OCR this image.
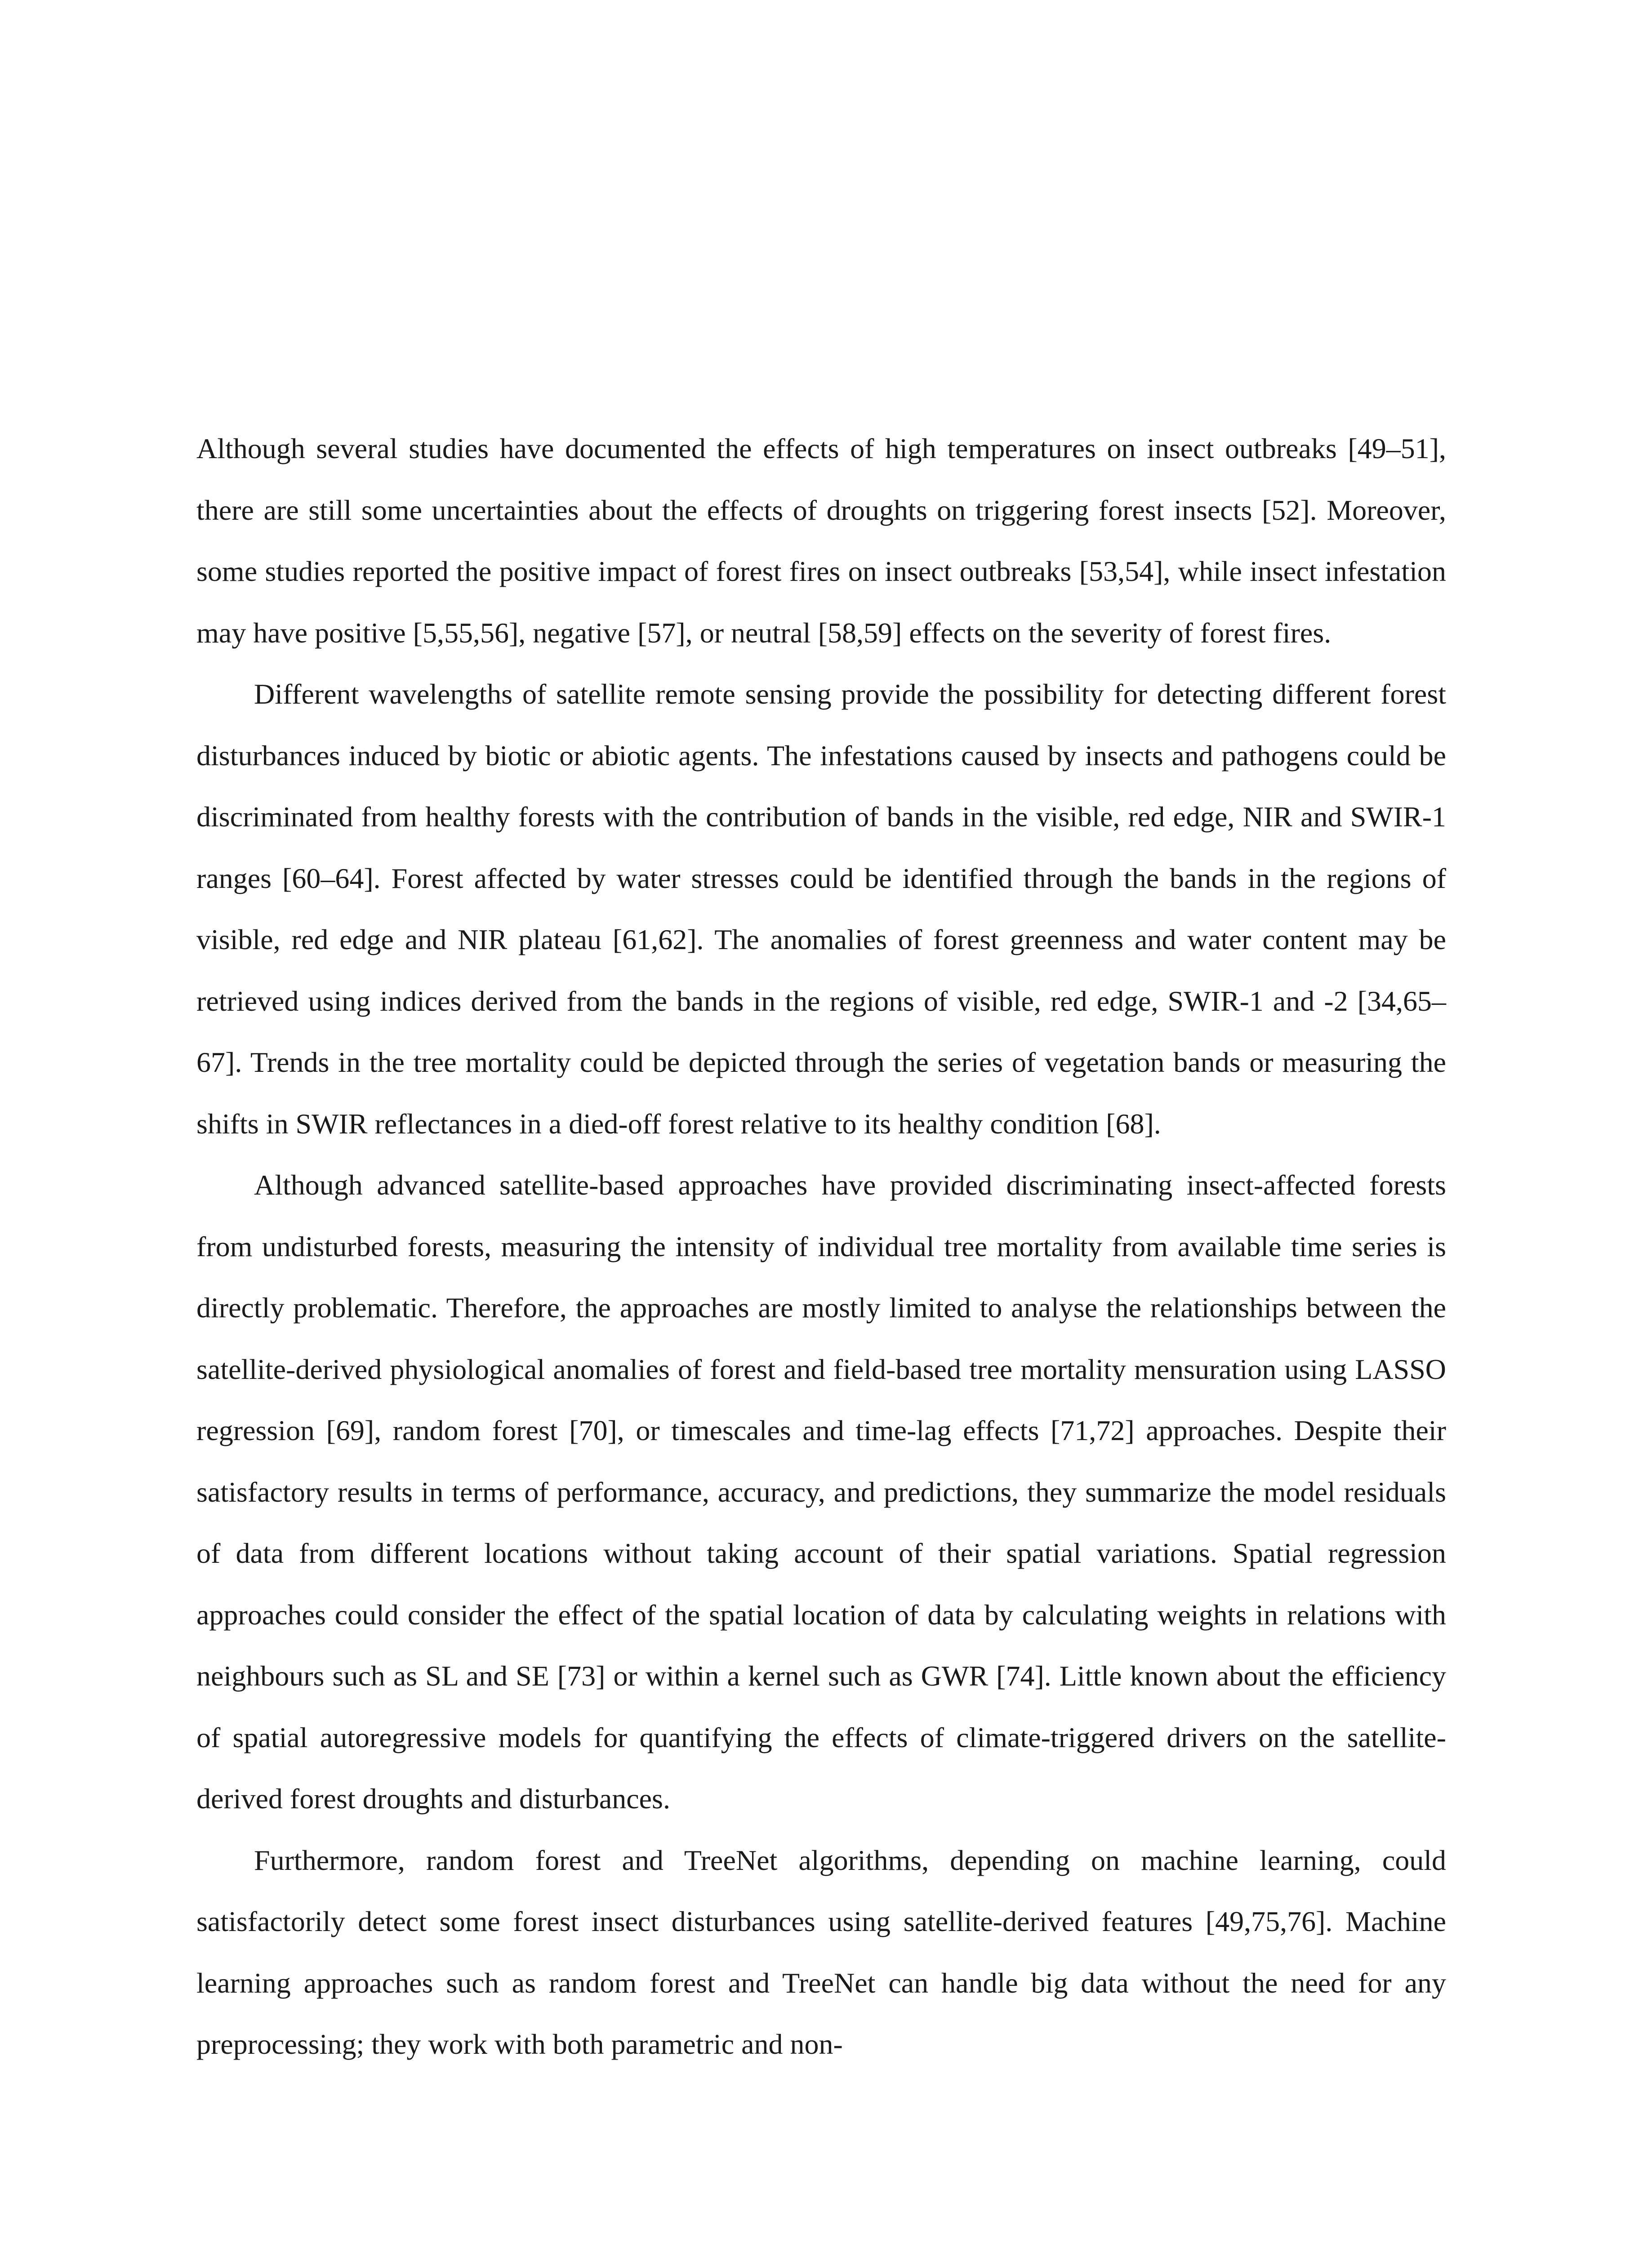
Although several studies have documented the effects of high temperatures on insect outbreaks [49–51], there are still some uncertainties about the effects of droughts on triggering forest insects [52]. Moreover, some studies reported the positive impact of forest fires on insect outbreaks [53,54], while insect infestation may have positive [5,55,56], negative [57], or neutral [58,59] effects on the severity of forest fires.

Different wavelengths of satellite remote sensing provide the possibility for detecting different forest disturbances induced by biotic or abiotic agents. The infestations caused by insects and pathogens could be discriminated from healthy forests with the contribution of bands in the visible, red edge, NIR and SWIR-1 ranges [60–64]. Forest affected by water stresses could be identified through the bands in the regions of visible, red edge and NIR plateau [61,62]. The anomalies of forest greenness and water content may be retrieved using indices derived from the bands in the regions of visible, red edge, SWIR-1 and -2 [34,65–67]. Trends in the tree mortality could be depicted through the series of vegetation bands or measuring the shifts in SWIR reflectances in a died-off forest relative to its healthy condition [68].

Although advanced satellite-based approaches have provided discriminating insect-affected forests from undisturbed forests, measuring the intensity of individual tree mortality from available time series is directly problematic. Therefore, the approaches are mostly limited to analyse the relationships between the satellite-derived physiological anomalies of forest and field-based tree mortality mensuration using LASSO regression [69], random forest [70], or timescales and time-lag effects [71,72] approaches. Despite their satisfactory results in terms of performance, accuracy, and predictions, they summarize the model residuals of data from different locations without taking account of their spatial variations. Spatial regression approaches could consider the effect of the spatial location of data by calculating weights in relations with neighbours such as SL and SE [73] or within a kernel such as GWR [74]. Little known about the efficiency of spatial autoregressive models for quantifying the effects of climate-triggered drivers on the satellite-derived forest droughts and disturbances.

Furthermore, random forest and TreeNet algorithms, depending on machine learning, could satisfactorily detect some forest insect disturbances using satellite-derived features [49,75,76]. Machine learning approaches such as random forest and TreeNet can handle big data without the need for any preprocessing; they work with both parametric and non-
